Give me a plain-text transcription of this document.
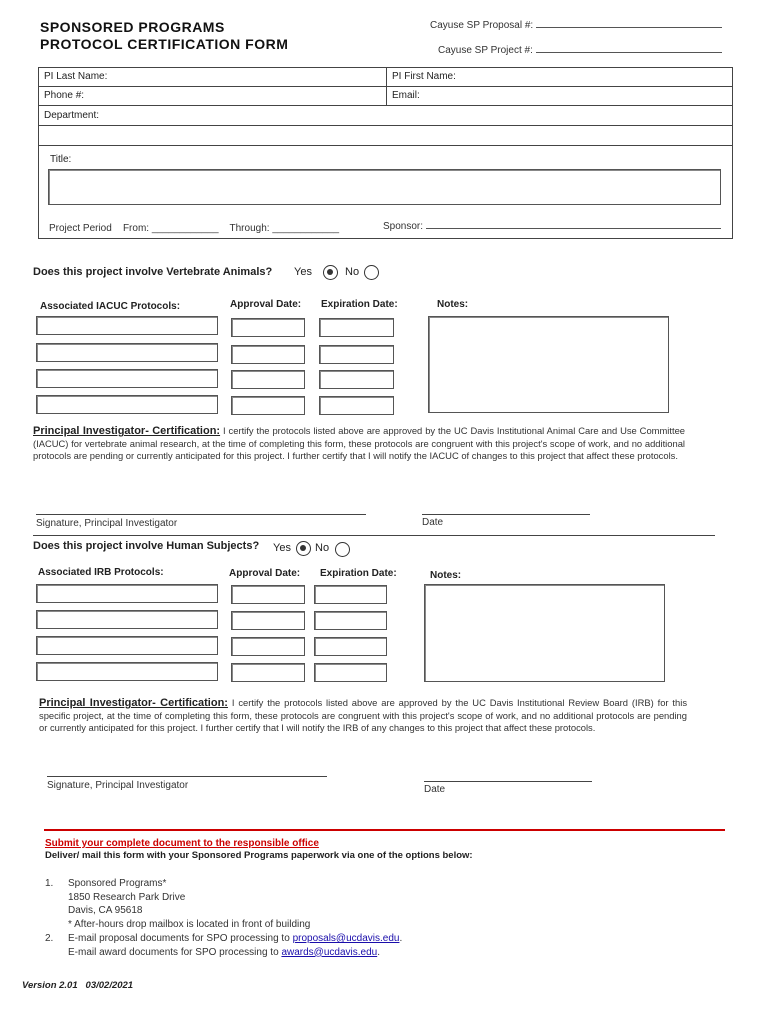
SPONSORED PROGRAMS
PROTOCOL CERTIFICATION FORM
Cayuse SP Proposal #:
Cayuse SP Project #:
PI Last Name:	PI First Name:
Phone #:	Email:
Department:
Title:
Project Period From: ____________ Through: ____________	Sponsor:
Does this project involve Vertebrate Animals? Yes	No
Associated IACUC Protocols:	Approval Date: Expiration Date:	Notes:
Principal Investigator- Certification: I certify the protocols listed above are approved by the UC Davis Institutional Animal Care and Use Committee (IACUC) for vertebrate animal research, at the time of completing this form, these protocols are congruent with this project's scope of work, and no additional protocols are pending or currently anticipated for this project. I further certify that I will notify the IACUC of changes to this project that affect these protocols.
Signature, Principal Investigator	Date
Does this project involve Human Subjects? Yes No
Associated IRB Protocols:	Approval Date: Expiration Date:	Notes:
Principal Investigator- Certification: I certify the protocols listed above are approved by the UC Davis Institutional Review Board (IRB) for this specific project, at the time of completing this form, these protocols are congruent with this project's scope of work, and no additional protocols are pending or currently anticipated for this project. I further certify that I will notify the IRB of any changes to this project that affect these protocols.
Signature, Principal Investigator	Date
Submit your complete document to the responsible office
Deliver/ mail this form with your Sponsored Programs paperwork via one of the options below:
1. Sponsored Programs*
1850 Research Park Drive
Davis, CA 95618
* After-hours drop mailbox is located in front of building
2. E-mail proposal documents for SPO processing to proposals@ucdavis.edu.
E-mail award documents for SPO processing to awards@ucdavis.edu.
Version 2.01   03/02/2021
